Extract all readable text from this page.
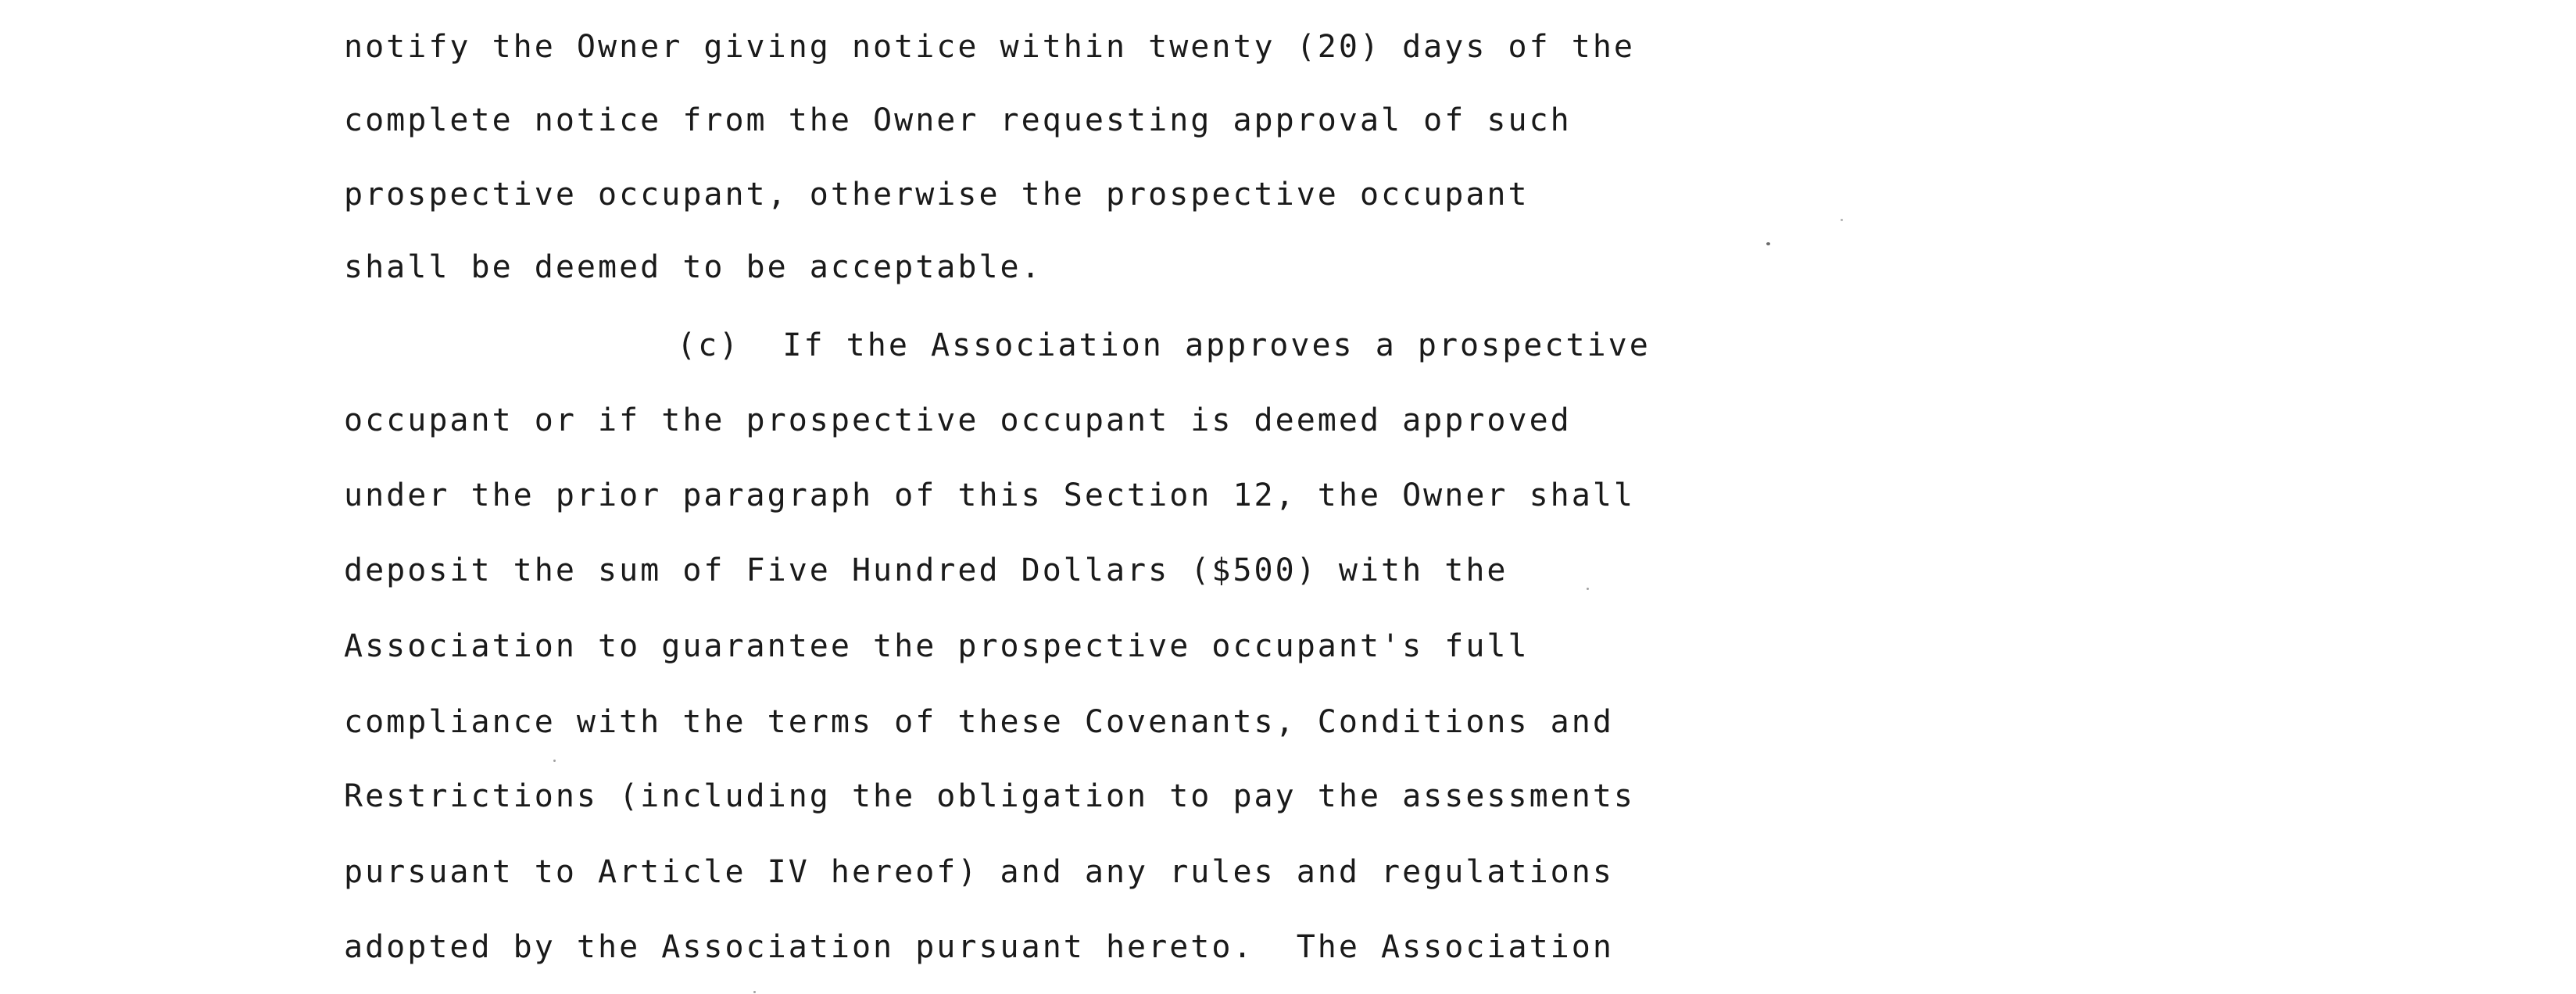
notify the Owner giving notice within twenty (20) days of the
complete notice from the Owner requesting approval of such
prospective occupant, otherwise the prospective occupant
shall be deemed to be acceptable.
(c)  If the Association approves a prospective
occupant or if the prospective occupant is deemed approved
under the prior paragraph of this Section 12, the Owner shall
deposit the sum of Five Hundred Dollars ($500) with the
Association to guarantee the prospective occupant's full
compliance with the terms of these Covenants, Conditions and
Restrictions (including the obligation to pay the assessments
pursuant to Article IV hereof) and any rules and regulations
adopted by the Association pursuant hereto.  The Association
